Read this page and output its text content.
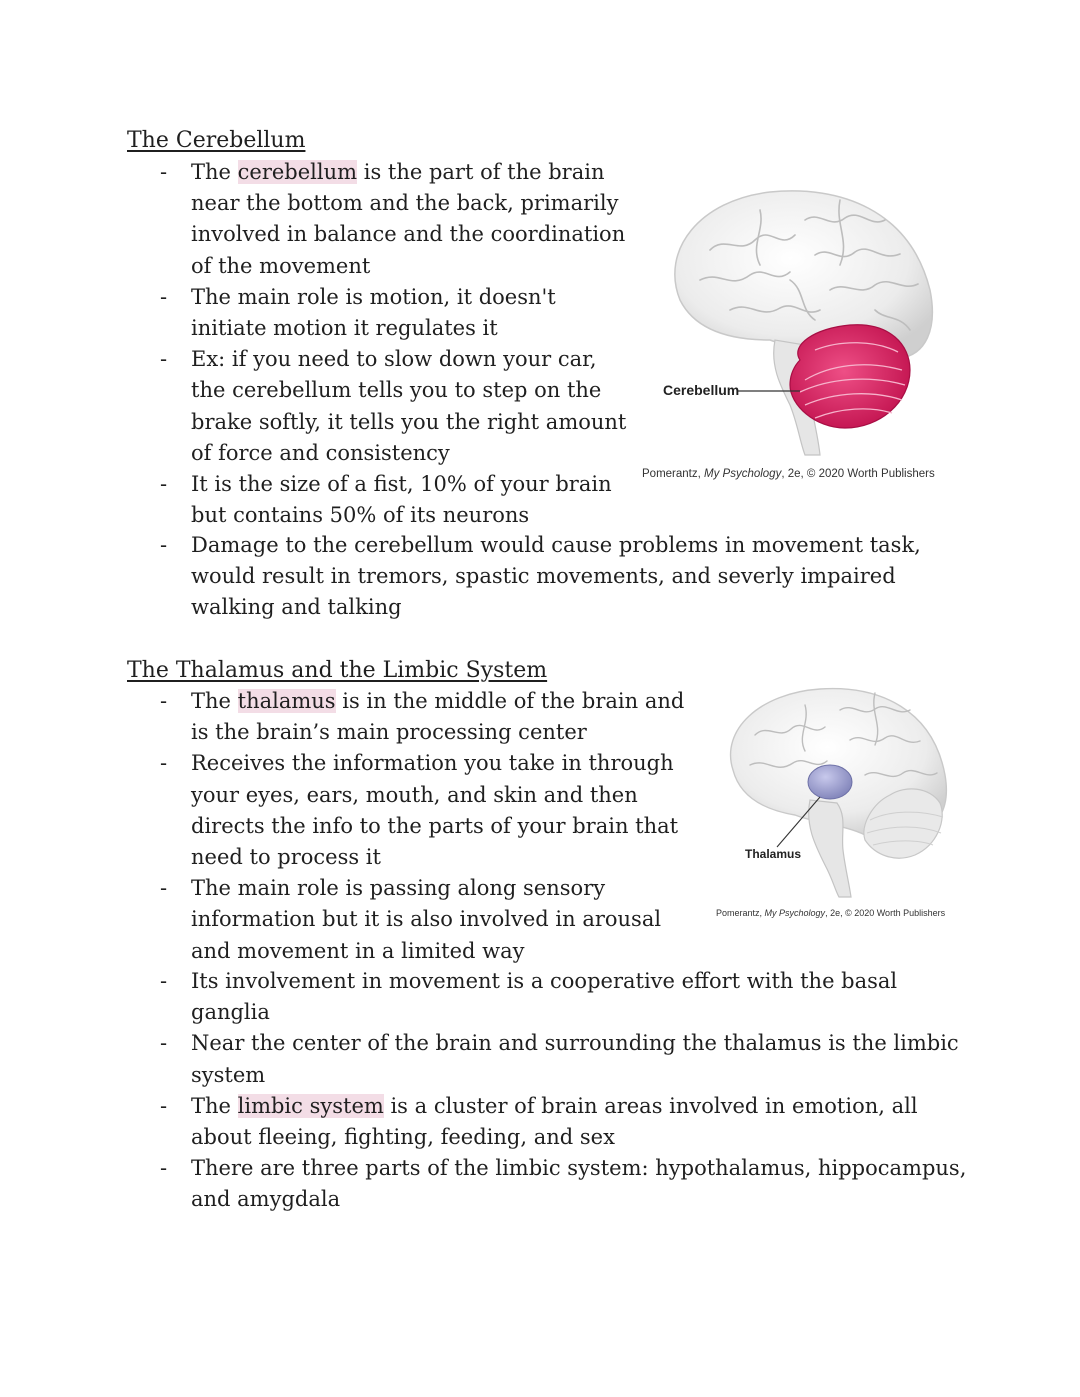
The Cerebellum
- The cerebellum is the part of the brain near the bottom and the back, primarily involved in balance and the coordination of the movement
- The main role is motion, it doesn't initiate motion it regulates it
- Ex: if you need to slow down your car, the cerebellum tells you to step on the brake softly, it tells you the right amount of force and consistency
- It is the size of a fist, 10% of your brain but contains 50% of its neurons
- Damage to the cerebellum would cause problems in movement task, would result in tremors, spastic movements, and severly impaired walking and talking
Cerebellum
Pomerantz, My Psychology, 2e, © 2020 Worth Publishers
The Thalamus and the Limbic System
- The thalamus is in the middle of the brain and is the brain’s main processing center
- Receives the information you take in through your eyes, ears, mouth, and skin and then directs the info to the parts of your brain that need to process it
- The main role is passing along sensory information but it is also involved in arousal and movement in a limited way
- Its involvement in movement is a cooperative effort with the basal ganglia
- Near the center of the brain and surrounding the thalamus is the limbic system
- The limbic system is a cluster of brain areas involved in emotion, all about fleeing, fighting, feeding, and sex
- There are three parts of the limbic system: hypothalamus, hippocampus, and amygdala
Thalamus
Pomerantz, My Psychology, 2e, © 2020 Worth Publishers
